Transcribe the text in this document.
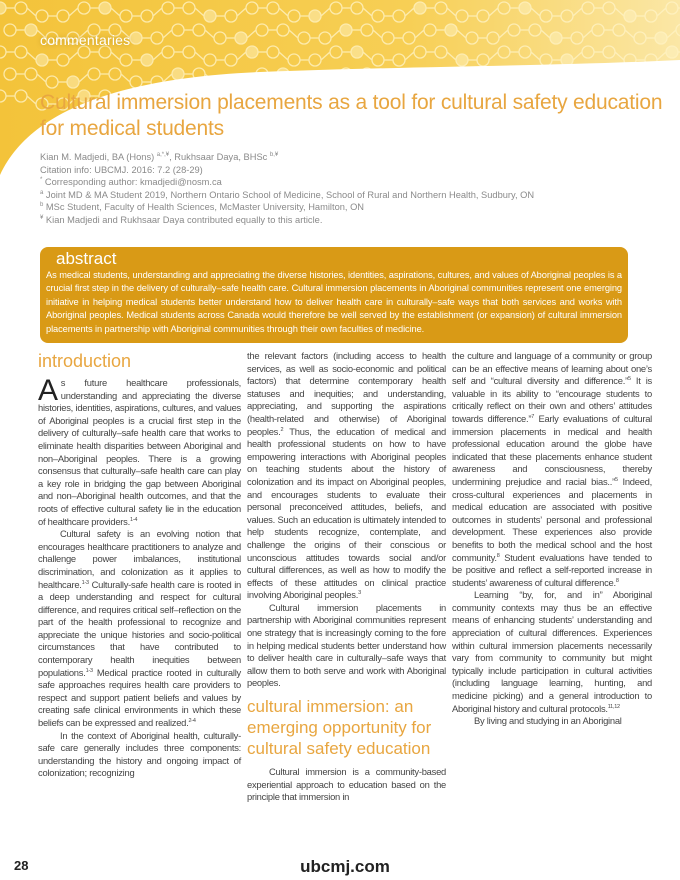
commentaries
Cultural immersion placements as a tool for cultural safety education for medical students
Kian M. Madjedi, BA (Hons) $^{a,*,¥}$, Rukhsaar Daya, BHSc $^{b,¥}$
Citation info: UBCMJ. 2016: 7.2 (28-29)
* Corresponding author: kmadjedi@nosm.ca
$^a$ Joint MD & MA Student 2019, Northern Ontario School of Medicine, School of Rural and Northern Health, Sudbury, ON
$^b$ MSc Student, Faculty of Health Sciences, McMaster University, Hamilton, ON
¥ Kian Madjedi and Rukhsaar Daya contributed equally to this article.
abstract

As medical students, understanding and appreciating the diverse histories, identities, aspirations, cultures, and values of Aboriginal peoples is a crucial first step in the delivery of culturally–safe health care. Cultural immersion placements in Aboriginal communities represent one emerging initiative in helping medical students better understand how to deliver health care in culturally–safe ways that both services and works with Aboriginal peoples. Medical students across Canada would therefore be well served by the establishment (or expansion) of cultural immersion placements in partnership with Aboriginal communities through their own faculties of medicine.

introduction

As future healthcare professionals, understanding and appreciating the diverse histories, identities, aspirations, cultures, and values of Aboriginal peoples is a crucial first step in the delivery of culturally–safe health care that works to eliminate health disparities between Aboriginal and non–Aboriginal peoples. There is a growing consensus that culturally–safe health care can play a key role in bridging the gap between Aboriginal and non–Aboriginal health outcomes, and that the roots of effective cultural safety lie in the education of healthcare providers.$^{1-4}$

Cultural safety is an evolving notion that encourages healthcare practitioners to analyze and challenge power imbalances, institutional discrimination, and colonization as it applies to healthcare.$^{1-3}$ Culturally-safe health care is rooted in a deep understanding and respect for cultural difference, and requires critical self–reflection on the part of the health professional to recognize and appreciate the unique histories and socio-political circumstances that have contributed to contemporary health inequities between populations.$^{1-3}$ Medical practice rooted in culturally safe approaches requires health care providers to respect and support patient beliefs and values by creating safe clinical environments in which these beliefs can be expressed and realized.$^{2-4}$

In the context of Aboriginal health, culturally-safe care generally includes three components: understanding the history and ongoing impact of colonization; recognizing

the relevant factors (including access to health services, as well as socio-economic and political factors) that determine contemporary health statuses and inequities; and understanding, appreciating, and supporting the aspirations (health-related and otherwise) of Aboriginal peoples.$^2$ Thus, the education of medical and health professional students on how to have empowering interactions with Aboriginal peoples on teaching students about the history of colonization and its impact on Aboriginal peoples, and encourages students to evaluate their personal preconceived attitudes, beliefs, and values. Such an education is ultimately intended to help students recognize, contemplate, and challenge the origins of their conscious or unconscious attitudes towards social and/or cultural differences, as well as how to modify the effects of these attitudes on clinical practice involving Aboriginal peoples.$^3$

Cultural immersion placements in partnership with Aboriginal communities represent one strategy that is increasingly coming to the fore in helping medical students better understand how to deliver health care in culturally–safe ways that allow them to both serve and work with Aboriginal peoples.

cultural immersion: an emerging opportunity for cultural safety education

Cultural immersion is a community-based experiential approach to education based on the principle that immersion in

the culture and language of a community or group can be an effective means of learning about one’s self and “cultural diversity and difference.”$^5$ It is valuable in its ability to “encourage students to critically reflect on their own and others’ attitudes towards difference.”$^7$ Early evaluations of cultural immersion placements in medical and health professional education around the globe have indicated that these placements enhance student awareness and consciousness, thereby undermining prejudice and racial bias..”$^5$ Indeed, cross-cultural experiences and placements in medical education are associated with positive outcomes in students’ personal and professional development. These experiences also provide benefits to both the medical school and the host community.$^8$ Student evaluations have tended to be positive and reflect a self-reported increase in students’ awareness of cultural difference.$^8$

Learning “by, for, and in” Aboriginal community contexts may thus be an effective means of enhancing students’ understanding and appreciation of cultural differences. Experiences within cultural immersion placements necessarily vary from community to community but might typically include participation in cultural activities (including language learning, hunting, and medicine picking) and a general introduction to Aboriginal history and cultural protocols.$^{11,12}$

By living and studying in an Aboriginal

28	ubcmj.com
